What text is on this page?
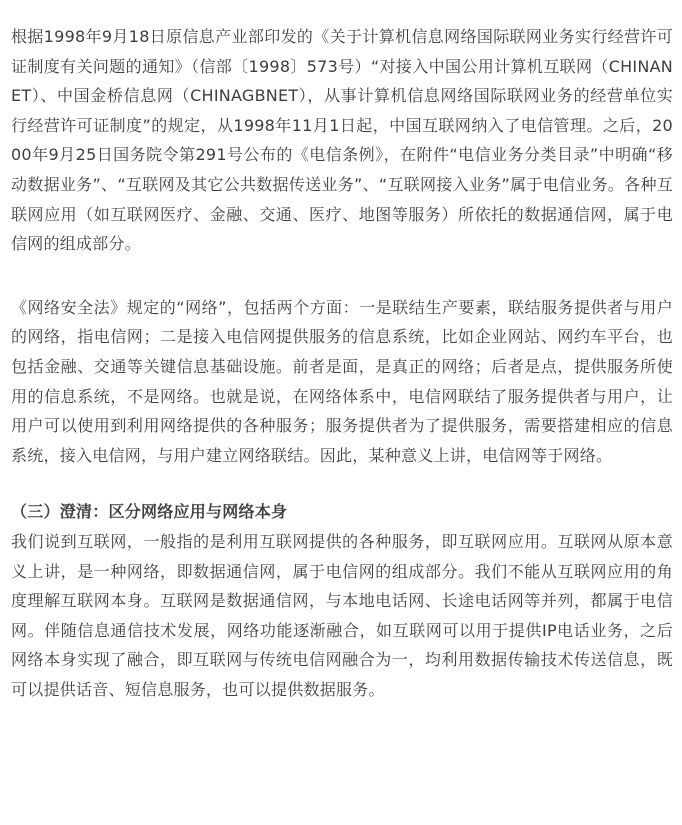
根据1998年9月18日原信息产业部印发的《关于计算机信息网络国际联网业务实行经营许可证制度有关问题的通知》（信部〔1998〕573号）“对接入中国公用计算机互联网（CHINANET）、中国金桥信息网（CHINAGBNET），从事计算机信息网络国际联网业务的经营单位实行经营许可证制度”的规定，从1998年11月1日起，中国互联网纳入了电信管理。之后，2000年9月25日国务院令第291号公布的《电信条例》，在附件“电信业务分类目录”中明确“移动数据业务”、“互联网及其它公共数据传送业务”、“互联网接入业务”属于电信业务。各种互联网应用（如互联网医疗、金融、交通、医疗、地图等服务）所依托的数据通信网，属于电信网的组成部分。

《网络安全法》规定的“网络”，包括两个方面：一是联结生产要素，联结服务提供者与用户的网络，指电信网；二是接入电信网提供服务的信息系统，比如企业网站、网约车平台，也包括金融、交通等关键信息基础设施。前者是面，是真正的网络；后者是点，提供服务所使用的信息系统，不是网络。也就是说，在网络体系中，电信网联结了服务提供者与用户，让用户可以使用到利用网络提供的各种服务；服务提供者为了提供服务，需要搭建相应的信息系统，接入电信网，与用户建立网络联结。因此，某种意义上讲，电信网等于网络。

（三）澄清：区分网络应用与网络本身

我们说到互联网，一般指的是利用互联网提供的各种服务，即互联网应用。互联网从原本意义上讲，是一种网络，即数据通信网，属于电信网的组成部分。我们不能从互联网应用的角度理解互联网本身。互联网是数据通信网，与本地电话网、长途电话网等并列，都属于电信网。伴随信息通信技术发展，网络功能逐渐融合，如互联网可以用于提供IP电话业务，之后网络本身实现了融合，即互联网与传统电信网融合为一，均利用数据传输技术传送信息，既可以提供话音、短信息服务，也可以提供数据服务。
